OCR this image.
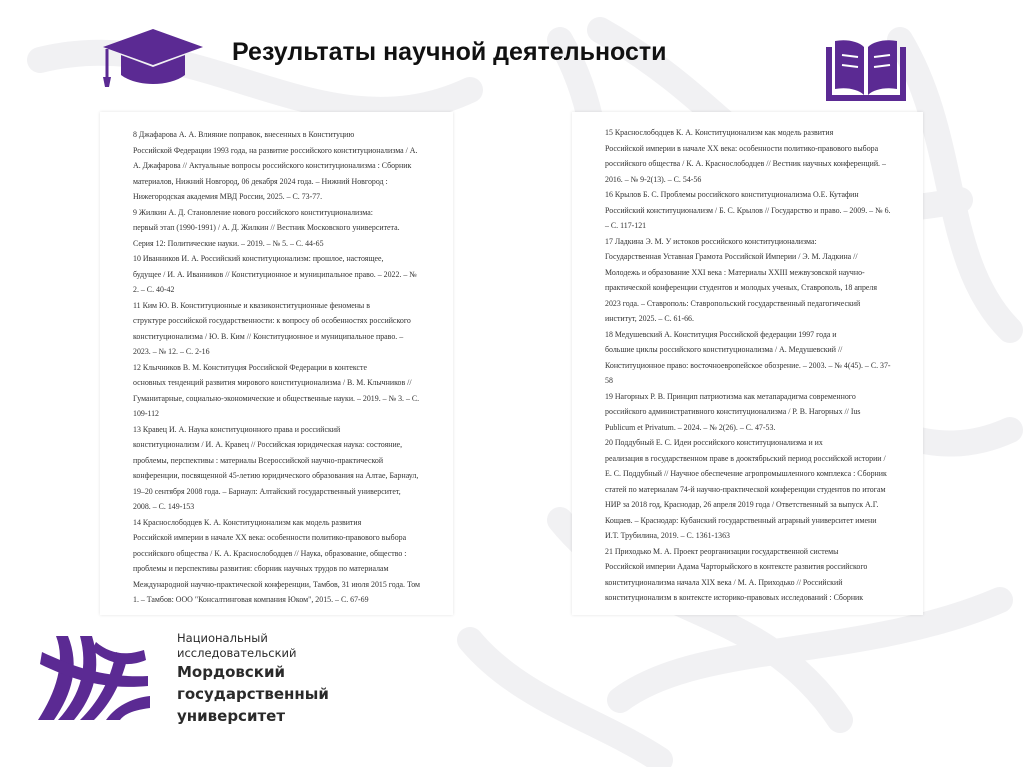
Результаты научной деятельности
8 Джафарова А. А. Влияние поправок, внесенных в Конституцию
Российской Федерации 1993 года, на развитие российского конституционализма / А.
А. Джафарова // Актуальные вопросы российского конституционализма : Сборник
материалов, Нижний Новгород, 06 декабря 2024 года. – Нижний Новгород :
Нижегородская академия МВД России, 2025. – С. 73-77.
9 Жилкин А. Д. Становление нового российского конституционализма:
первый этап (1990-1991) / А. Д. Жилкин // Вестник Московского университета.
Серия 12: Политические науки. – 2019. – № 5. – С. 44-65
10 Иванников И. А. Российский конституционализм: прошлое, настоящее,
будущее / И. А. Иванников // Конституционное и муниципальное право. – 2022. – №
2. – С. 40-42
11 Ким Ю. В. Конституционные и квазиконституционные феномены в
структуре российской государственности: к вопросу об особенностях российского
конституционализма / Ю. В. Ким // Конституционное и муниципальное право. –
2023. – № 12. – С. 2-16
12 Клычников В. М. Конституция Российской Федерации в контексте
основных тенденций развития мирового конституционализма / В. М. Клычников //
Гуманитарные, социально-экономические и общественные науки. – 2019. – № 3. – С.
109-112
13 Кравец И. А. Наука конституционного права и российский
конституционализм / И. А. Кравец // Российская юридическая наука: состояние,
проблемы, перспективы : материалы Всероссийской научно-практической
конференции, посвященной 45-летию юридического образования на Алтае, Барнаул,
19–20 сентября 2008 года. – Барнаул: Алтайский государственный университет,
2008. – С. 149-153
14 Краснослободцев К. А. Конституционализм как модель развития
Российской империи в начале XX века: особенности политико-правового выбора
российского общества / К. А. Краснослободцев // Наука, образование, общество :
проблемы и перспективы развития: сборник научных трудов по материалам
Международной научно-практической конференции, Тамбов, 31 июля 2015 года. Том
1. – Тамбов: ООО "Консалтинговая компания Юком", 2015. – С. 67-69
15 Краснослободцев К. А. Конституционализм как модель развития
Российской империи в начале XX века: особенности политико-правового выбора
российского общества / К. А. Краснослободцев // Вестник научных конференций. –
2016. – № 9-2(13). – С. 54-56
16 Крылов Б. С. Проблемы российского конституционализма О.Е. Кутафин
Российский конституционализм / Б. С. Крылов // Государство и право. – 2009. – № 6.
– С. 117-121
17 Ладкина Э. М. У истоков российского конституционализма:
Государственная Уставная Грамота Российской Империи / Э. М. Ладкина //
Молодежь и образование XXI века : Материалы XXIII межвузовской научно-
практической конференции студентов и молодых ученых, Ставрополь, 18 апреля
2023 года. – Ставрополь: Ставропольский государственный педагогический
институт, 2025. – С. 61-66.
18 Медушевский А. Конституция Российской федерации 1997 года и
большие циклы российского конституционализма / А. Медушевский //
Конституционное право: восточноевропейское обозрение. – 2003. – № 4(45). – С. 37-
58
19 Нагорных Р. В. Принцип патриотизма как метапарадигма современного
российского административного конституционализма / Р. В. Нагорных // Ius
Publicum et Privatum. – 2024. – № 2(26). – С. 47-53.
20 Поддубный Е. С. Идеи российского конституционализма и их
реализация в государственном праве в дооктябрьский период российской истории /
Е. С. Поддубный // Научное обеспечение агропромышленного комплекса : Сборник
статей по материалам 74-й научно-практической конференции студентов по итогам
НИР за 2018 год, Краснодар, 26 апреля 2019 года / Ответственный за выпуск А.Г.
Кощаев. – Краснодар: Кубанский государственный аграрный университет имени
И.Т. Трубилина, 2019. – С. 1361-1363
21 Приходько М. А. Проект реорганизации государственной системы
Российской империи Адама Чарторыйского в контексте развития российского
конституционализма начала XIX века / М. А. Приходько // Российский
конституционализм в контексте историко-правовых исследований : Сборник
Национальный
исследовательский
Мордовский
государственный
университет
